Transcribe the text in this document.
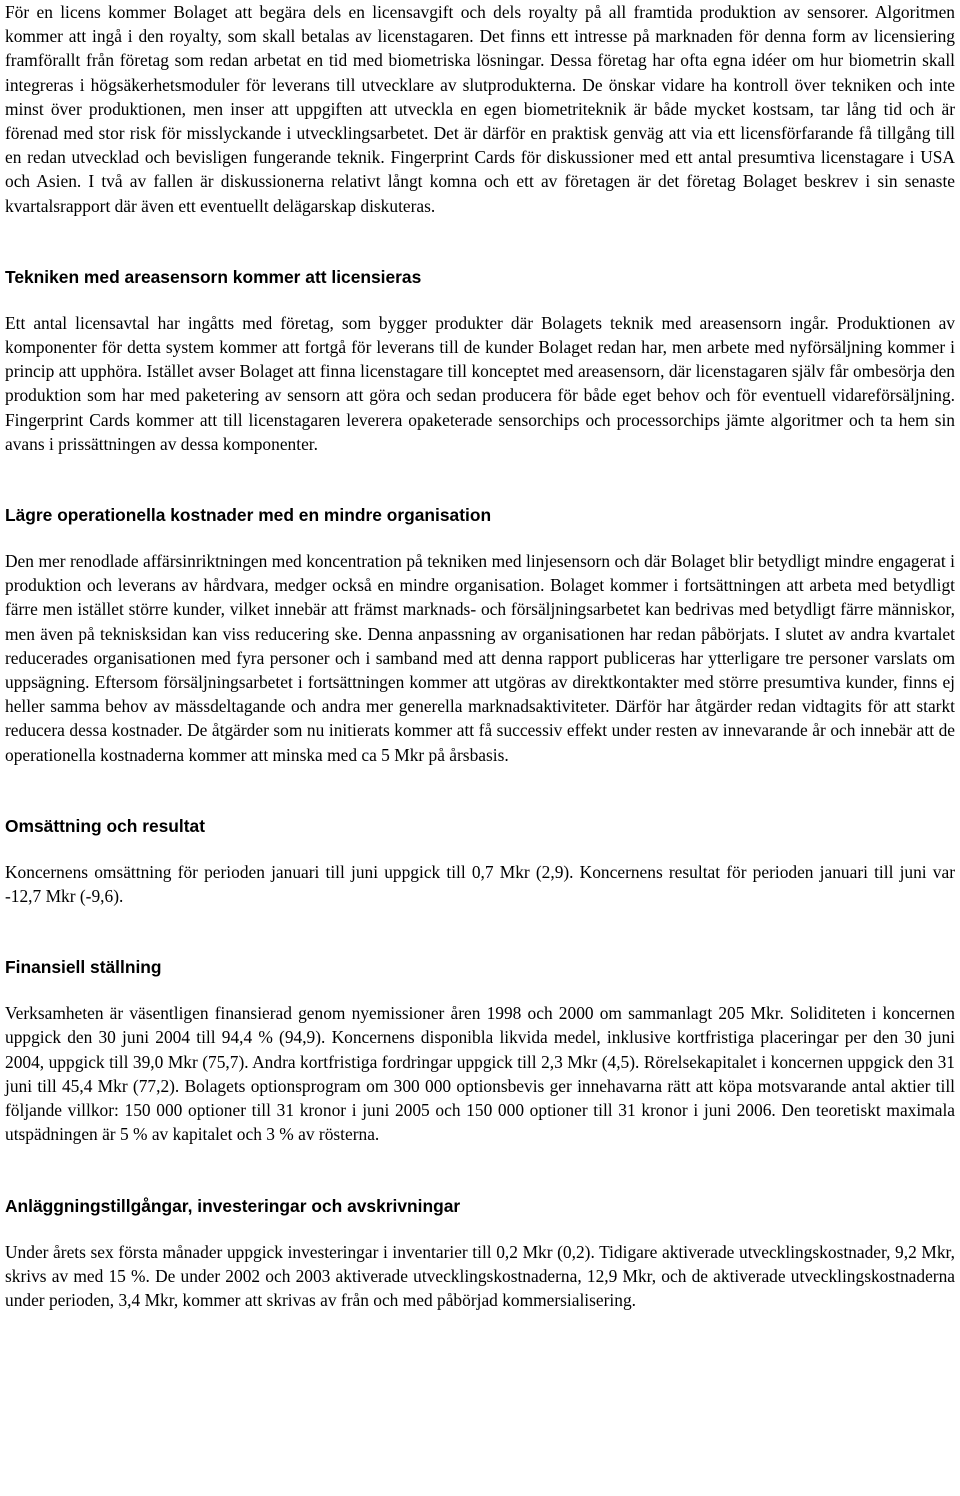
För en licens kommer Bolaget att begära dels en licensavgift och dels royalty på all framtida produktion av sensorer. Algoritmen kommer att ingå i den royalty, som skall betalas av licenstagaren. Det finns ett intresse på marknaden för denna form av licensiering framförallt från företag som redan arbetat en tid med biometriska lösningar. Dessa företag har ofta egna idéer om hur biometrin skall integreras i högsäkerhetsmoduler för leverans till utvecklare av slutprodukterna. De önskar vidare ha kontroll över tekniken och inte minst över produktionen, men inser att uppgiften att utveckla en egen biometriteknik är både mycket kostsam, tar lång tid och är förenad med stor risk för misslyckande i utvecklingsarbetet. Det är därför en praktisk genväg att via ett licensförfarande få tillgång till en redan utvecklad och bevisligen fungerande teknik. Fingerprint Cards för diskussioner med ett antal presumtiva licenstagare i USA och Asien. I två av fallen är diskussionerna relativt långt komna och ett av företagen är det företag Bolaget beskrev i sin senaste kvartalsrapport där även ett eventuellt delägarskap diskuteras.

Tekniken med areasensorn kommer att licensieras

Ett antal licensavtal har ingåtts med företag, som bygger produkter där Bolagets teknik med areasensorn ingår. Produktionen av komponenter för detta system kommer att fortgå för leverans till de kunder Bolaget redan har, men arbete med nyförsäljning kommer i princip att upphöra. Istället avser Bolaget att finna licenstagare till konceptet med areasensorn, där licenstagaren själv får ombesörja den produktion som har med paketering av sensorn att göra och sedan producera för både eget behov och för eventuell vidareförsäljning. Fingerprint Cards kommer att till licenstagaren leverera opaketerade sensorchips och processorchips jämte algoritmer och ta hem sin avans i prissättningen av dessa komponenter.

Lägre operationella kostnader med en mindre organisation

Den mer renodlade affärsinriktningen med koncentration på tekniken med linjesensorn och där Bolaget blir betydligt mindre engagerat i produktion och leverans av hårdvara, medger också en mindre organisation. Bolaget kommer i fortsättningen att arbeta med betydligt färre men istället större kunder, vilket innebär att främst marknads- och försäljningsarbetet kan bedrivas med betydligt färre människor, men även på teknisksidan kan viss reducering ske. Denna anpassning av organisationen har redan påbörjats. I slutet av andra kvartalet reducerades organisationen med fyra personer och i samband med att denna rapport publiceras har ytterligare tre personer varslats om uppsägning. Eftersom försäljningsarbetet i fortsättningen kommer att utgöras av direktkontakter med större presumtiva kunder, finns ej heller samma behov av mässdeltagande och andra mer generella marknadsaktiviteter. Därför har åtgärder redan vidtagits för att starkt reducera dessa kostnader. De åtgärder som nu initierats kommer att få successiv effekt under resten av innevarande år och innebär att de operationella kostnaderna kommer att minska med ca 5 Mkr på årsbasis.

Omsättning och resultat

Koncernens omsättning för perioden januari till juni uppgick till 0,7 Mkr (2,9). Koncernens resultat för perioden januari till juni var -12,7 Mkr (-9,6).

Finansiell ställning

Verksamheten är väsentligen finansierad genom nyemissioner åren 1998 och 2000 om sammanlagt 205 Mkr. Soliditeten i koncernen uppgick den 30 juni 2004 till 94,4 % (94,9). Koncernens disponibla likvida medel, inklusive kortfristiga placeringar per den 30 juni 2004, uppgick till 39,0 Mkr (75,7). Andra kortfristiga fordringar uppgick till 2,3 Mkr (4,5). Rörelsekapitalet i koncernen uppgick den 31 juni till 45,4 Mkr (77,2). Bolagets optionsprogram om 300 000 optionsbevis ger innehavarna rätt att köpa motsvarande antal aktier till följande villkor: 150 000 optioner till 31 kronor i juni 2005 och 150 000 optioner till 31 kronor i juni 2006. Den teoretiskt maximala utspädningen är 5 % av kapitalet och 3 % av rösterna.

Anläggningstillgångar, investeringar och avskrivningar

Under årets sex första månader uppgick investeringar i inventarier till 0,2 Mkr (0,2). Tidigare aktiverade utvecklingskostnader, 9,2 Mkr, skrivs av med 15 %. De under 2002 och 2003 aktiverade utvecklingskostnaderna, 12,9 Mkr, och de aktiverade utvecklingskostnaderna under perioden, 3,4 Mkr, kommer att skrivas av från och med påbörjad kommersialisering.
